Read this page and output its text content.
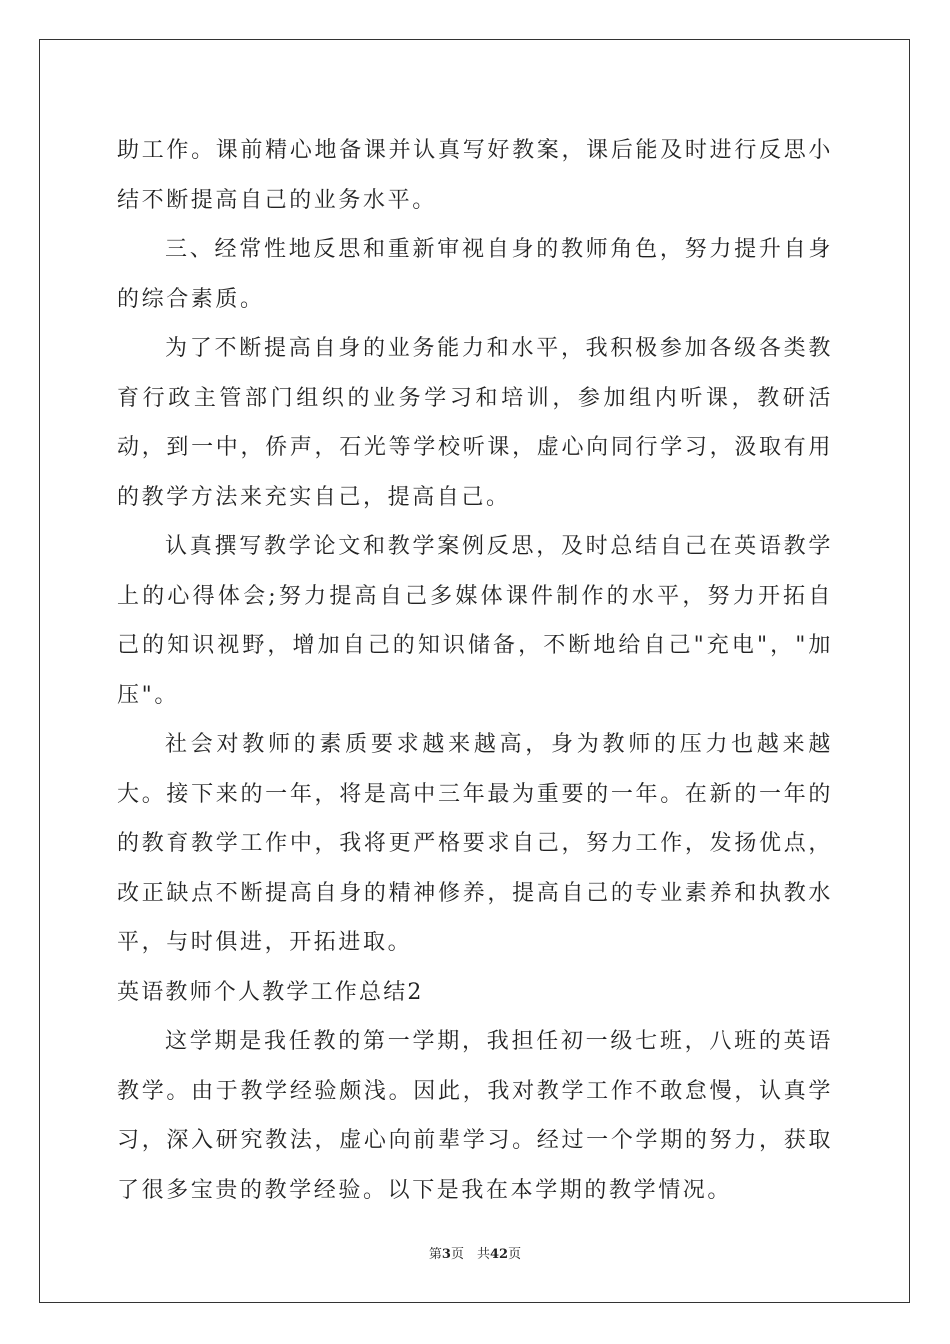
助工作。课前精心地备课并认真写好教案，课后能及时进行反思小结不断提高自己的业务水平。

三、经常性地反思和重新审视自身的教师角色，努力提升自身的综合素质。

为了不断提高自身的业务能力和水平，我积极参加各级各类教育行政主管部门组织的业务学习和培训，参加组内听课，教研活动，到一中，侨声，石光等学校听课，虚心向同行学习，汲取有用的教学方法来充实自己，提高自己。

认真撰写教学论文和教学案例反思，及时总结自己在英语教学上的心得体会;努力提高自己多媒体课件制作的水平，努力开拓自己的知识视野，增加自己的知识储备，不断地给自己"充电"，"加压"。

社会对教师的素质要求越来越高，身为教师的压力也越来越大。接下来的一年，将是高中三年最为重要的一年。在新的一年的的教育教学工作中，我将更严格要求自己，努力工作，发扬优点，改正缺点不断提高自身的精神修养，提高自己的专业素养和执教水平，与时俱进，开拓进取。

英语教师个人教学工作总结2

这学期是我任教的第一学期，我担任初一级七班，八班的英语教学。由于教学经验颇浅。因此，我对教学工作不敢怠慢，认真学习，深入研究教法，虚心向前辈学习。经过一个学期的努力，获取了很多宝贵的教学经验。以下是我在本学期的教学情况。

第3页　共42页
